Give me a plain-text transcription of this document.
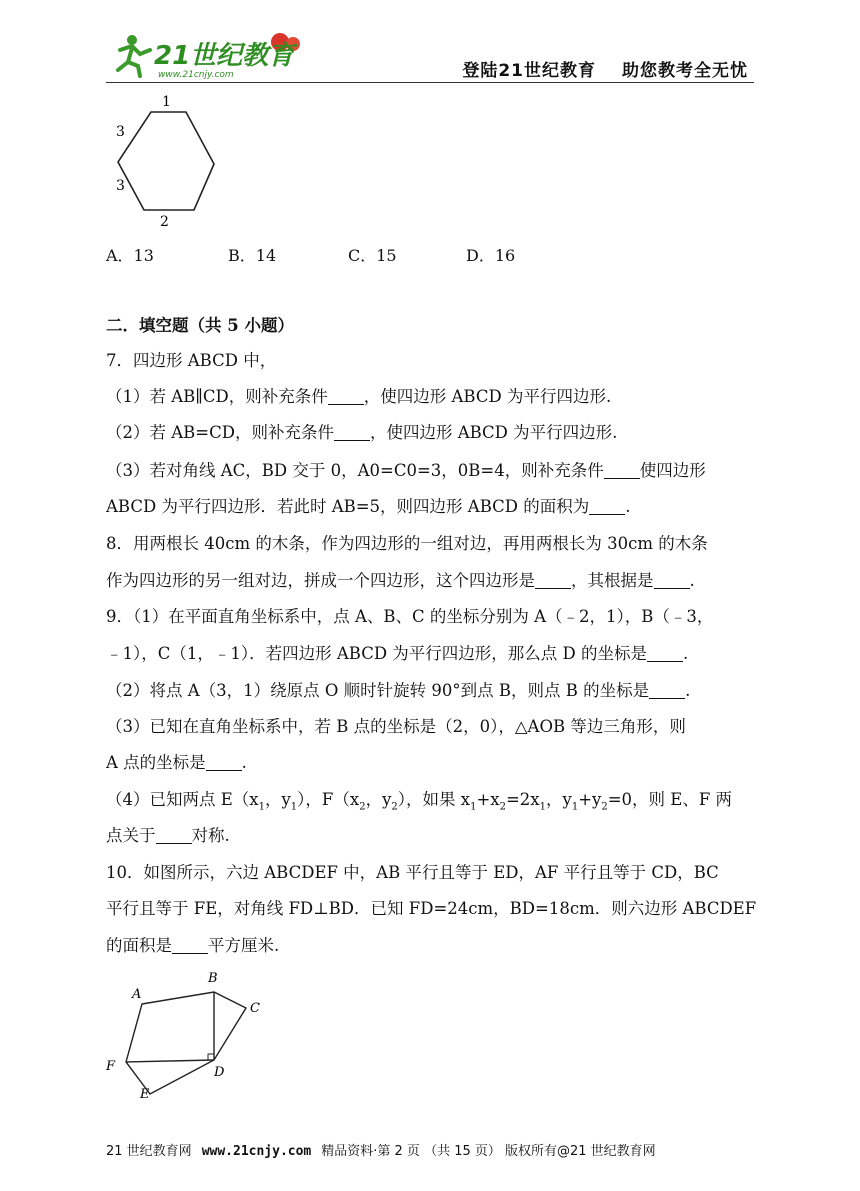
21世纪教育
www.21cnjy.com	登陆21世纪教育 助您教考全无忧
1
3
3
2
A．13	B．14	C．15	D．16
二．填空题（共 5 小题）
7．四边形 ABCD 中，
（1）若 AB∥CD，则补充条件 ，使四边形 ABCD 为平行四边形.
（2）若 AB=CD，则补充条件 ，使四边形 ABCD 为平行四边形.
（3）若对角线 AC，BD 交于 0，A0=C0=3，0B=4，则补充条件 使四边形
ABCD 为平行四边形．若此时 AB=5，则四边形 ABCD 的面积为 .
8．用两根长 40cm 的木条，作为四边形的一组对边，再用两根长为 30cm 的木条
作为四边形的另一组对边，拼成一个四边形，这个四边形是 ，其根据是 .
9．（1）在平面直角坐标系中，点 A、B、C 的坐标分别为 A（﹣2，1），B（﹣3，
﹣1），C（1，﹣1）．若四边形 ABCD 为平行四边形，那么点 D 的坐标是 .
（2）将点 A（3，1）绕原点 O 顺时针旋转 90°到点 B，则点 B 的坐标是 .
（3）已知在直角坐标系中，若 B 点的坐标是（2，0），△AOB 等边三角形，则
A 点的坐标是 .
（4）已知两点 $E(x_1$，$y_1$），$F(x_2$，$y_2$），如果 $x_1+x_2=2x_1$，$y_1+y_2=0$，则 E、F 两
点关于 对称.
10．如图所示，六边 ABCDEF 中，AB 平行且等于 ED，AF 平行且等于 CD，BC
平行且等于 FE，对角线 FD⊥BD．已知 FD=24cm，BD=18cm．则六边形 ABCDEF
的面积是 平方厘米.
A
B
C
F	D
E
21 世纪教育网 www.21cnjy.com 精品资料·第 2 页 （共 15 页） 版权所有@21 世纪教育网
